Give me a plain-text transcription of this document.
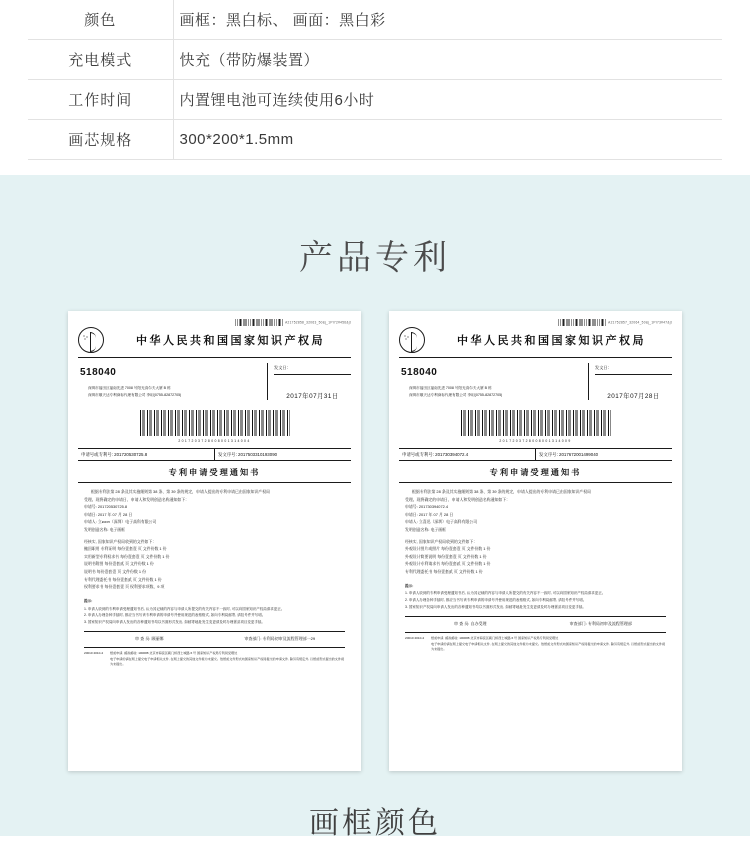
颜色	画框：黑白标、 画面：黑白彩
充电模式	快充（带防爆装置）
工作时间	内置锂电池可连续使用6小时
画芯规格	300*200*1.5mm
产品专利
A21752858_32063_50&j_1PI72#456&jt
中华人民共和国国家知识产权局
518040
深圳市福田区福南先进 7008 号阳光高尔夫大厦 B 栋
深圳市顺天达专利商标代理有限公司 李坦(0755-82872705)
发文日:
2017年07月31日
2017203728008001314004
申请号或专利号: 201720530725.8	发文序号: 2017503310193090
专利申请受理通知书

根据专利法第 28 条及其实施细则第 38 条、第 39 条的规定，申请人提出的专利申请已由国家知识产权局

受理。现将确定的申请日、申请人和发明创造名称通知如下：

申请号: 201720530725.8

申请日: 2017 年 07 月 28 日

申请人: 立ксин（深圳）电子高科有限公司

发明创造名称: 电子画框

经核实, 国家知识产权局收到的文件如下：

撤回职用 专利证明 每份壹套壹 页 文件份数 1 份

实用新型专利权求书 每份壹套壹 页 文件份数 1 份

说明书附图 每份壹套贰 页 文件份数 1 份

说明书 每份壹套壹 页 文件份数 1 份

专利代理委托书 每份壹套贰 页 文件份数 1 份

权利要求书 每份壹套壹 页 权利要求项数、9 项

提示：
1. 申请人收到的专利申请受理通知书后, 认为其记载的内容与申请人所提交的有关内容不一致时, 可以向国家知识产权局请求更正。
2. 申请人办理各种手续时, 都应当书写该专利申请的申请号并使用规范的表格格式, 如向专利局邮寄, 请挂号件并写明。
3. 国家知识产权局向申请人发出的各种通知书均以书面形式发出, 如邮寄地址发生变更请及时办理著录项目变更手续。
审 查 员: 顾丽娜	审查部门: 专利局初审及流程管理部一29
20010 2010-4	纸质申请, 邮政邮收: 100088 北京市海淀区蓟门桥西土城路 6 号 国家知识产权局专利局受理处
电子申请的请在网上提交电子申请相关文件, 在网上提交的其他文件视为未提交。依纸质文件形式向国家知识产权局提交的申请文件, 除另有规定外, 以纸质形式提出的文件视为未提出。
A21752857_32064_50&j_1PI73#47&jt
中华人民共和国国家知识产权局
518040
深圳市福田区福南先进 7008 号阳光高尔夫大厦 B 栋
深圳市顺天达专利商标代理有限公司 李坦(0755-82872705)
发文日:
2017年07月28日
2017203728008001314009
申请号或专利号: 201730394072.4	发文序号: 2017672001499040
专利申请受理通知书

根据专利法第 28 条及其实施细则第 38 条、第 39 条的规定，申请人提出的专利申请已由国家知识产权局

受理。现将确定的申请日、申请人和发明创造名称通知如下：

申请号: 201730394072.4

申请日: 2017 年 07 月 28 日

申请人: 立喜迅（深圳）电子高科有限公司

发明创造名称: 电子画框

经核实, 国家知识产权局收到的文件如下：

外观设计图片或照片 每份壹套壹 页 文件份数 1 份

外观设计简要说明 每份壹套壹 页 文件份数 1 份

外观设计专利请求书 每份壹套贰 页 文件份数 1 份

专利代理委托书 每份壹套贰 页 文件份数 1 份

提示：
1. 申请人收到的专利申请受理通知书后, 认为其记载的内容与申请人所提交的有关内容不一致时, 可以向国家知识产权局请求更正。
2. 申请人办理各种手续时, 都应当书写该专利申请的申请号并使用规范的表格格式, 如向专利局邮寄, 请挂号件并写明。
3. 国家知识产权局向申请人发出的各种通知书均以书面形式发出, 如邮寄地址发生变更请及时办理著录项目变更手续。
审 查 员: 自办受理	审查部门: 专利局初审及流程管理部
20010 2010-4	纸质申请, 邮政邮收: 100088 北京市海淀区蓟门桥西土城路 6 号 国家知识产权局专利局受理处
电子申请的请在网上提交电子申请相关文件, 在网上提交的其他文件视为未提交。依纸质文件形式向国家知识产权局提交的申请文件, 除另有规定外, 以纸质形式提出的文件视为未提出。
画框颜色
